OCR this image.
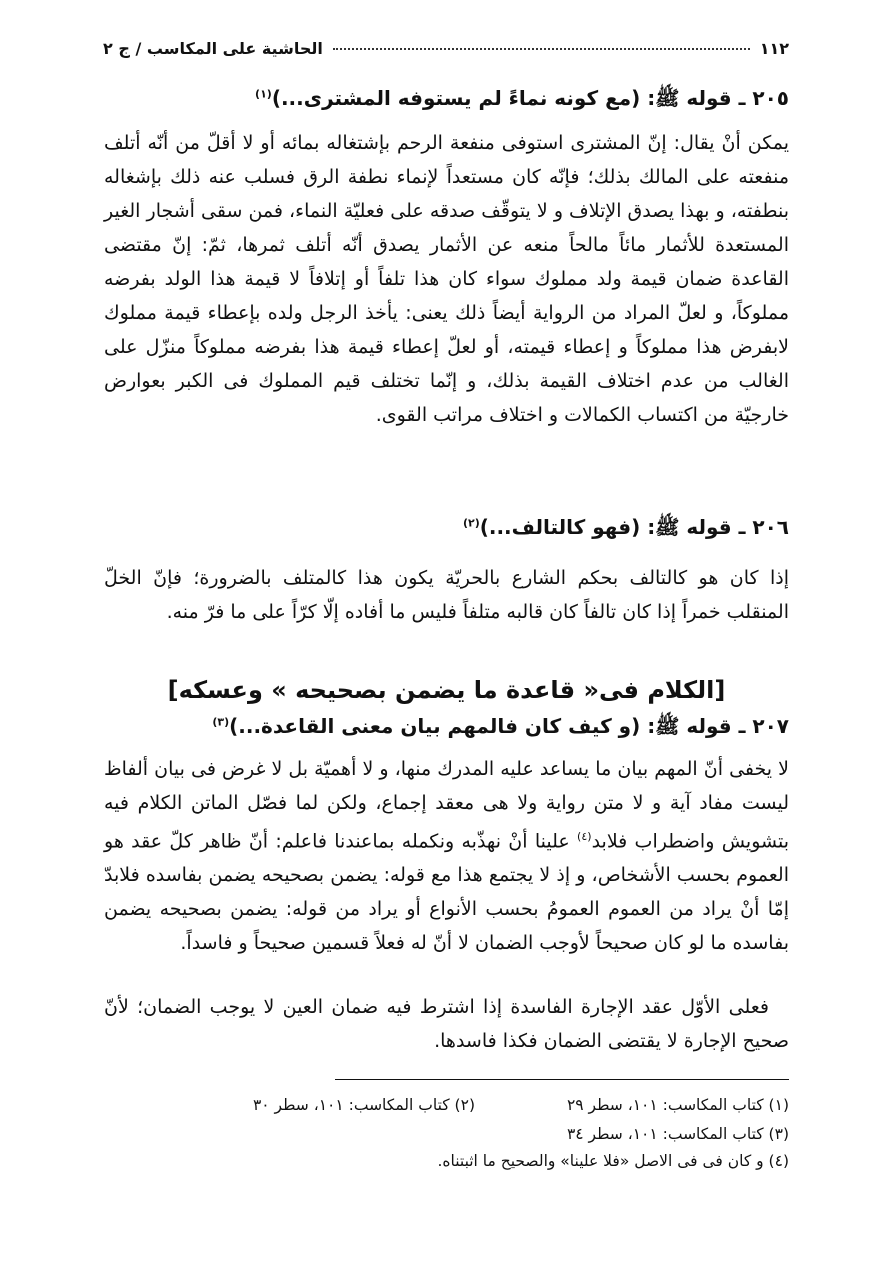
١١٢
الحاشية على المكاسب / ج ٢
٢٠٥ ـ قوله ﷺ: (مع كونه نماءً لم يستوفه المشترى...)$^{(١)}$
يمكن أنْ يقال: إنّ المشترى استوفى منفعة الرحم بإشتغاله بمائه أو لا أقلّ من أنّه أتلف منفعته على المالك بذلك؛ فإنّه كان مستعداً لإنماء نطفة الرق فسلب عنه ذلك بإشغاله بنطفته، و بهذا يصدق الإتلاف و لا يتوقّف صدقه على فعليّة النماء، فمن سقى أشجار الغير المستعدة للأثمار مائاً مالحاً منعه عن الأثمار يصدق أنّه أتلف ثمرها، ثمّ: إنّ مقتضى القاعدة ضمان قيمة ولد مملوك سواء كان هذا تلفاً أو إتلافاً لا قيمة هذا الولد بفرضه مملوكاً، و لعلّ المراد من الرواية أيضاً ذلك يعنى: يأخذ الرجل ولده بإعطاء قيمة مملوك لابفرض هذا مملوكاً و إعطاء قيمته، أو لعلّ إعطاء قيمة هذا بفرضه مملوكاً منزّل على الغالب من عدم اختلاف القيمة بذلك، و إنّما تختلف قيم المملوك فى الكبر بعوارض خارجيّة من اكتساب الكمالات و اختلاف مراتب القوى.
٢٠٦ ـ قوله ﷺ: (فهو كالتالف...)$^{(٢)}$
إذا كان هو كالتالف بحكم الشارع بالحريّة يكون هذا كالمتلف بالضرورة؛ فإنّ الخلّ المنقلب خمراً إذا كان تالفاً كان قالبه متلفاً فليس ما أفاده إلّا كرّاً على ما فرّ منه.
[الكلام فى« قاعدة ما يضمن بصحيحه » وعسكه]
٢٠٧ ـ قوله ﷺ: (و كيف كان فالمهم بيان معنى القاعدة...)$^{(٣)}$
لا يخفى أنّ المهم بيان ما يساعد عليه المدرك منها، و لا أهميّة بل لا غرض فى بيان ألفاظ ليست مفاد آية و لا متن رواية ولا هى معقد إجماع، ولكن لما فصّل الماتن الكلام فيه بتشويش واضطراب فلابد$^{(٤)}$ علينا أنْ نهذّبه ونكمله بماعندنا فاعلم: أنّ ظاهر كلّ عقد هو العموم بحسب الأشخاص، و إذ لا يجتمع هذا مع قوله: يضمن بصحيحه يضمن بفاسده فلابدّ إمّا أنْ يراد من العموم العمومُ بحسب الأنواع أو يراد من قوله: يضمن بصحيحه يضمن بفاسده ما لو كان صحيحاً لأوجب الضمان لا أنّ له فعلاً قسمين صحيحاً و فاسداً.
فعلى الأوّل عقد الإجارة الفاسدة إذا اشترط فيه ضمان العين لا يوجب الضمان؛ لأنّ صحيح الإجارة لا يقتضى الضمان فكذا فاسدها.
(١) كتاب المكاسب: ١٠١، سطر ٢٩
(٢) كتاب المكاسب: ١٠١، سطر ٣٠
(٣) كتاب المكاسب: ١٠١، سطر ٣٤
(٤) و كان فى فى الاصل «فلا علينا» والصحيح ما اثبتناه.
